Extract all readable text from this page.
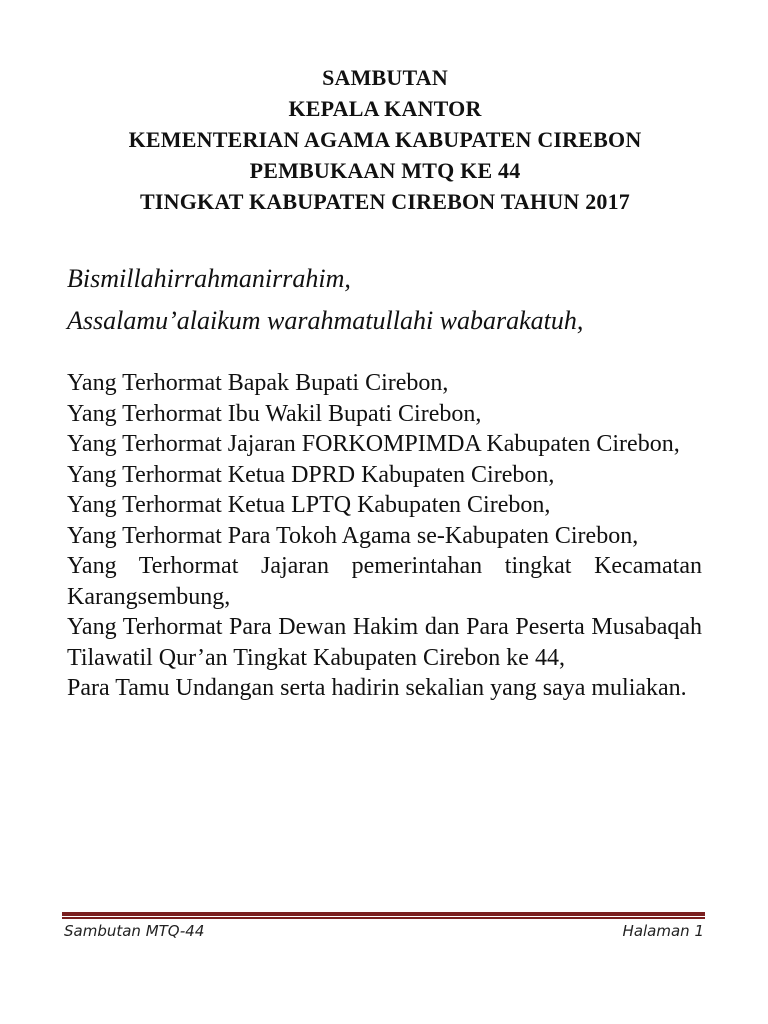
SAMBUTAN
KEPALA KANTOR
KEMENTERIAN AGAMA KABUPATEN CIREBON
PEMBUKAAN MTQ KE 44
TINGKAT KABUPATEN CIREBON TAHUN 2017
Bismillahirrahmanirrahim,
Assalamu’alaikum warahmatullahi wabarakatuh,

Yang Terhormat Bapak Bupati Cirebon,

Yang Terhormat Ibu Wakil Bupati Cirebon,

Yang Terhormat Jajaran FORKOMPIMDA Kabupaten Cirebon,

Yang Terhormat Ketua DPRD Kabupaten Cirebon,

Yang Terhormat Ketua LPTQ Kabupaten Cirebon,

Yang Terhormat Para Tokoh Agama se-Kabupaten Cirebon,

Yang Terhormat Jajaran pemerintahan tingkat Kecamatan Karangsembung,

Yang Terhormat Para Dewan Hakim dan Para Peserta Musabaqah Tilawatil Qur’an Tingkat Kabupaten Cirebon ke 44,

Para Tamu Undangan serta hadirin sekalian yang saya muliakan.

Sambutan MTQ-44	Halaman 1
